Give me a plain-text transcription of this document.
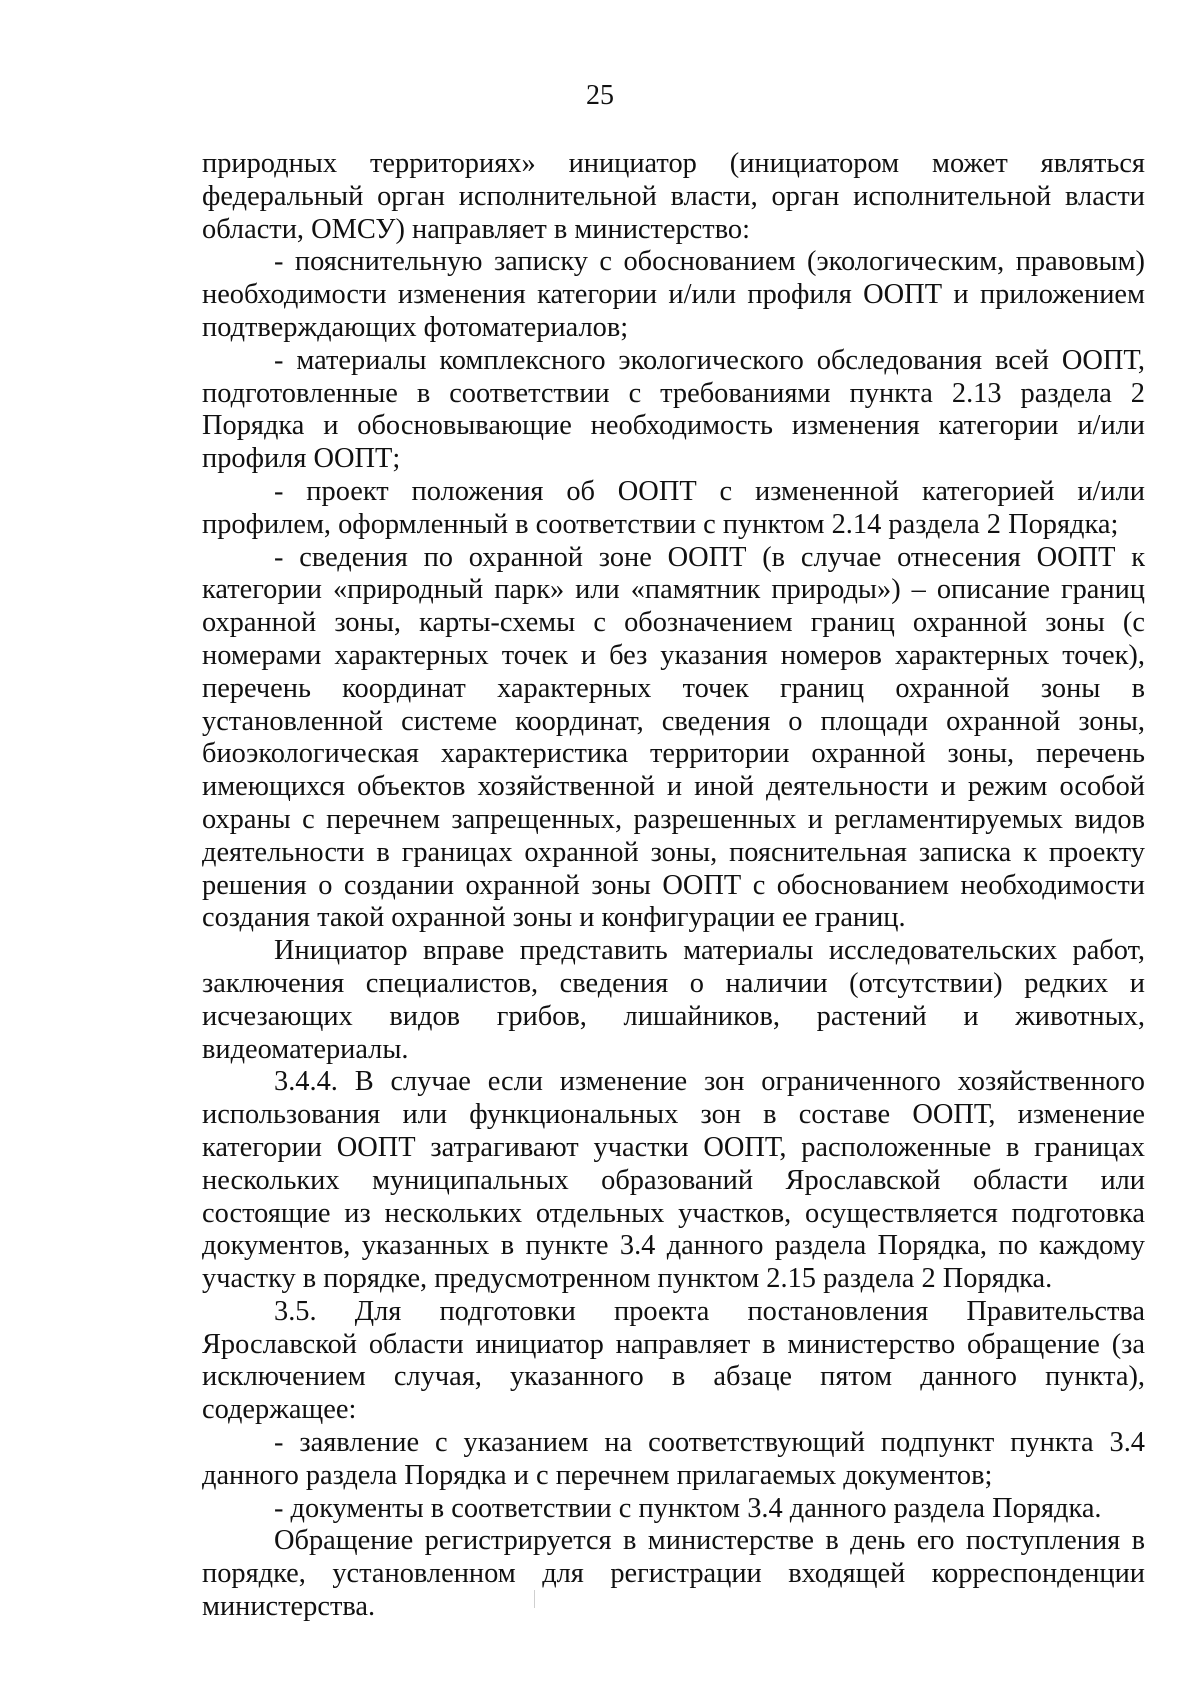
25

природных территориях» инициатор (инициатором может являться федеральный орган исполнительной власти, орган исполнительной власти области, ОМСУ) направляет в министерство:

- пояснительную записку с обоснованием (экологическим, правовым) необходимости изменения категории и/или профиля ООПТ и приложением подтверждающих фотоматериалов;

- материалы комплексного экологического обследования всей ООПТ, подготовленные в соответствии с требованиями пункта 2.13 раздела 2 Порядка и обосновывающие необходимость изменения категории и/или профиля ООПТ;

- проект положения об ООПТ с измененной категорией и/или профилем, оформленный в соответствии с пунктом 2.14 раздела 2 Порядка;

- сведения по охранной зоне ООПТ (в случае отнесения ООПТ к категории «природный парк» или «памятник природы») – описание границ охранной зоны, карты-схемы с обозначением границ охранной зоны (с номерами характерных точек и без указания номеров характерных точек), перечень координат характерных точек границ охранной зоны в установленной системе координат, сведения о площади охранной зоны, биоэкологическая характеристика территории охранной зоны, перечень имеющихся объектов хозяйственной и иной деятельности и режим особой охраны с перечнем запрещенных, разрешенных и регламентируемых видов деятельности в границах охранной зоны, пояснительная записка к проекту решения о создании охранной зоны ООПТ с обоснованием необходимости создания такой охранной зоны и конфигурации ее границ.

Инициатор вправе представить материалы исследовательских работ, заключения специалистов, сведения о наличии (отсутствии) редких и исчезающих видов грибов, лишайников, растений и животных, видеоматериалы.

3.4.4. В случае если изменение зон ограниченного хозяйственного использования или функциональных зон в составе ООПТ, изменение категории ООПТ затрагивают участки ООПТ, расположенные в границах нескольких муниципальных образований Ярославской области или состоящие из нескольких отдельных участков, осуществляется подготовка документов, указанных в пункте 3.4 данного раздела Порядка, по каждому участку в порядке, предусмотренном пунктом 2.15 раздела 2 Порядка.

3.5. Для подготовки проекта постановления Правительства Ярославской области инициатор направляет в министерство обращение (за исключением случая, указанного в абзаце пятом данного пункта), содержащее:

- заявление с указанием на соответствующий подпункт пункта 3.4 данного раздела Порядка и с перечнем прилагаемых документов;

- документы в соответствии с пунктом 3.4 данного раздела Порядка.

Обращение регистрируется в министерстве в день его поступления в порядке, установленном для регистрации входящей корреспонденции министерства.
